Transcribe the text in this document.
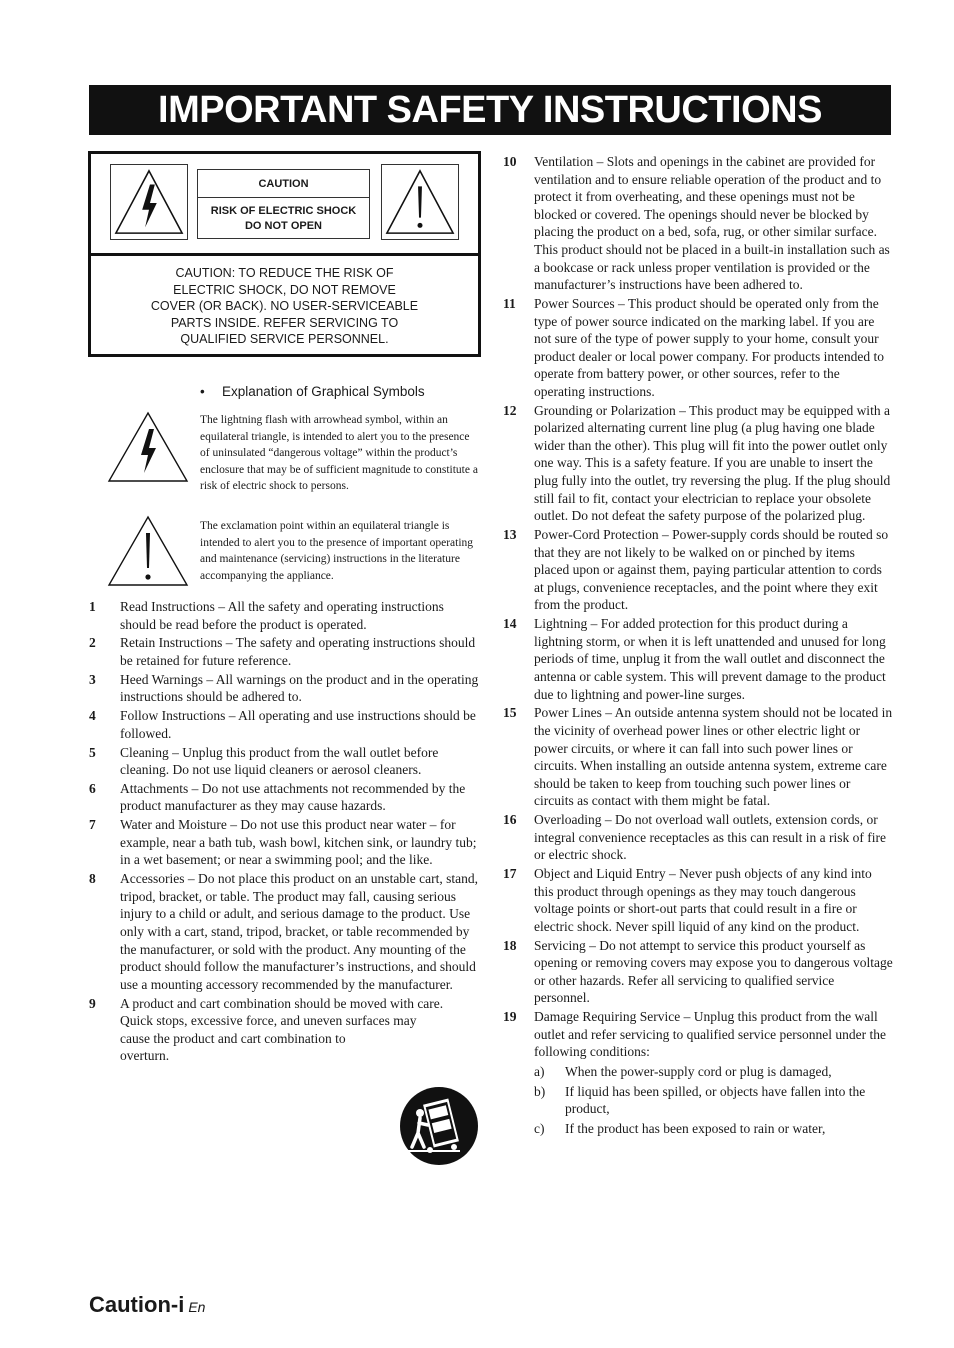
IMPORTANT SAFETY INSTRUCTIONS
CAUTION
RISK OF ELECTRIC SHOCK
DO NOT OPEN

CAUTION: TO REDUCE THE RISK OF
ELECTRIC SHOCK, DO NOT REMOVE
COVER (OR BACK). NO USER-SERVICEABLE
PARTS INSIDE. REFER SERVICING TO
QUALIFIED SERVICE PERSONNEL.

• Explanation of Graphical Symbols
The lightning flash with arrowhead symbol, within an equilateral triangle, is intended to alert you to the presence of uninsulated “dangerous voltage” within the product’s enclosure that may be of sufficient magnitude to constitute a risk of electric shock to persons.
The exclamation point within an equilateral triangle is intended to alert you to the presence of important operating and maintenance (servicing) instructions in the literature accompanying the appliance.
1 Read Instructions – All the safety and operating instructions should be read before the product is operated.
2 Retain Instructions – The safety and operating instructions should be retained for future reference.
3 Heed Warnings – All warnings on the product and in the operating instructions should be adhered to.
4 Follow Instructions – All operating and use instructions should be followed.
5 Cleaning – Unplug this product from the wall outlet before cleaning. Do not use liquid cleaners or aerosol cleaners.
6 Attachments – Do not use attachments not recommended by the product manufacturer as they may cause hazards.
7 Water and Moisture – Do not use this product near water – for example, near a bath tub, wash bowl, kitchen sink, or laundry tub; in a wet basement; or near a swimming pool; and the like.
8 Accessories – Do not place this product on an unstable cart, stand, tripod, bracket, or table. The product may fall, causing serious injury to a child or adult, and serious damage to the product. Use only with a cart, stand, tripod, bracket, or table recommended by the manufacturer, or sold with the product. Any mounting of the product should follow the manufacturer’s instructions, and should use a mounting accessory recommended by the manufacturer.
9 A product and cart combination should be moved with care.
Quick stops, excessive force, and uneven surfaces may
cause the product and cart combination to
overturn.
10 Ventilation – Slots and openings in the cabinet are provided for ventilation and to ensure reliable operation of the product and to protect it from overheating, and these openings must not be blocked or covered. The openings should never be blocked by placing the product on a bed, sofa, rug, or other similar surface. This product should not be placed in a built-in installation such as a bookcase or rack unless proper ventilation is provided or the manufacturer’s instructions have been adhered to.
11 Power Sources – This product should be operated only from the type of power source indicated on the marking label. If you are not sure of the type of power supply to your home, consult your product dealer or local power company. For products intended to operate from battery power, or other sources, refer to the operating instructions.
12 Grounding or Polarization – This product may be equipped with a polarized alternating current line plug (a plug having one blade wider than the other). This plug will fit into the power outlet only one way. This is a safety feature. If you are unable to insert the plug fully into the outlet, try reversing the plug. If the plug should still fail to fit, contact your electrician to replace your obsolete outlet. Do not defeat the safety purpose of the polarized plug.
13 Power-Cord Protection – Power-supply cords should be routed so that they are not likely to be walked on or pinched by items placed upon or against them, paying particular attention to cords at plugs, convenience receptacles, and the point where they exit from the product.
14 Lightning – For added protection for this product during a lightning storm, or when it is left unattended and unused for long periods of time, unplug it from the wall outlet and disconnect the antenna or cable system. This will prevent damage to the product due to lightning and power-line surges.
15 Power Lines – An outside antenna system should not be located in the vicinity of overhead power lines or other electric light or power circuits, or where it can fall into such power lines or circuits. When installing an outside antenna system, extreme care should be taken to keep from touching such power lines or circuits as contact with them might be fatal.
16 Overloading – Do not overload wall outlets, extension cords, or integral convenience receptacles as this can result in a risk of fire or electric shock.
17 Object and Liquid Entry – Never push objects of any kind into this product through openings as they may touch dangerous voltage points or short-out parts that could result in a fire or electric shock. Never spill liquid of any kind on the product.
18 Servicing – Do not attempt to service this product yourself as opening or removing covers may expose you to dangerous voltage or other hazards. Refer all servicing to qualified service personnel.
19 Damage Requiring Service – Unplug this product from the wall outlet and refer servicing to qualified service personnel under the following conditions:
a) When the power-supply cord or plug is damaged,
b) If liquid has been spilled, or objects have fallen into the product,
c) If the product has been exposed to rain or water,
Caution-i En
